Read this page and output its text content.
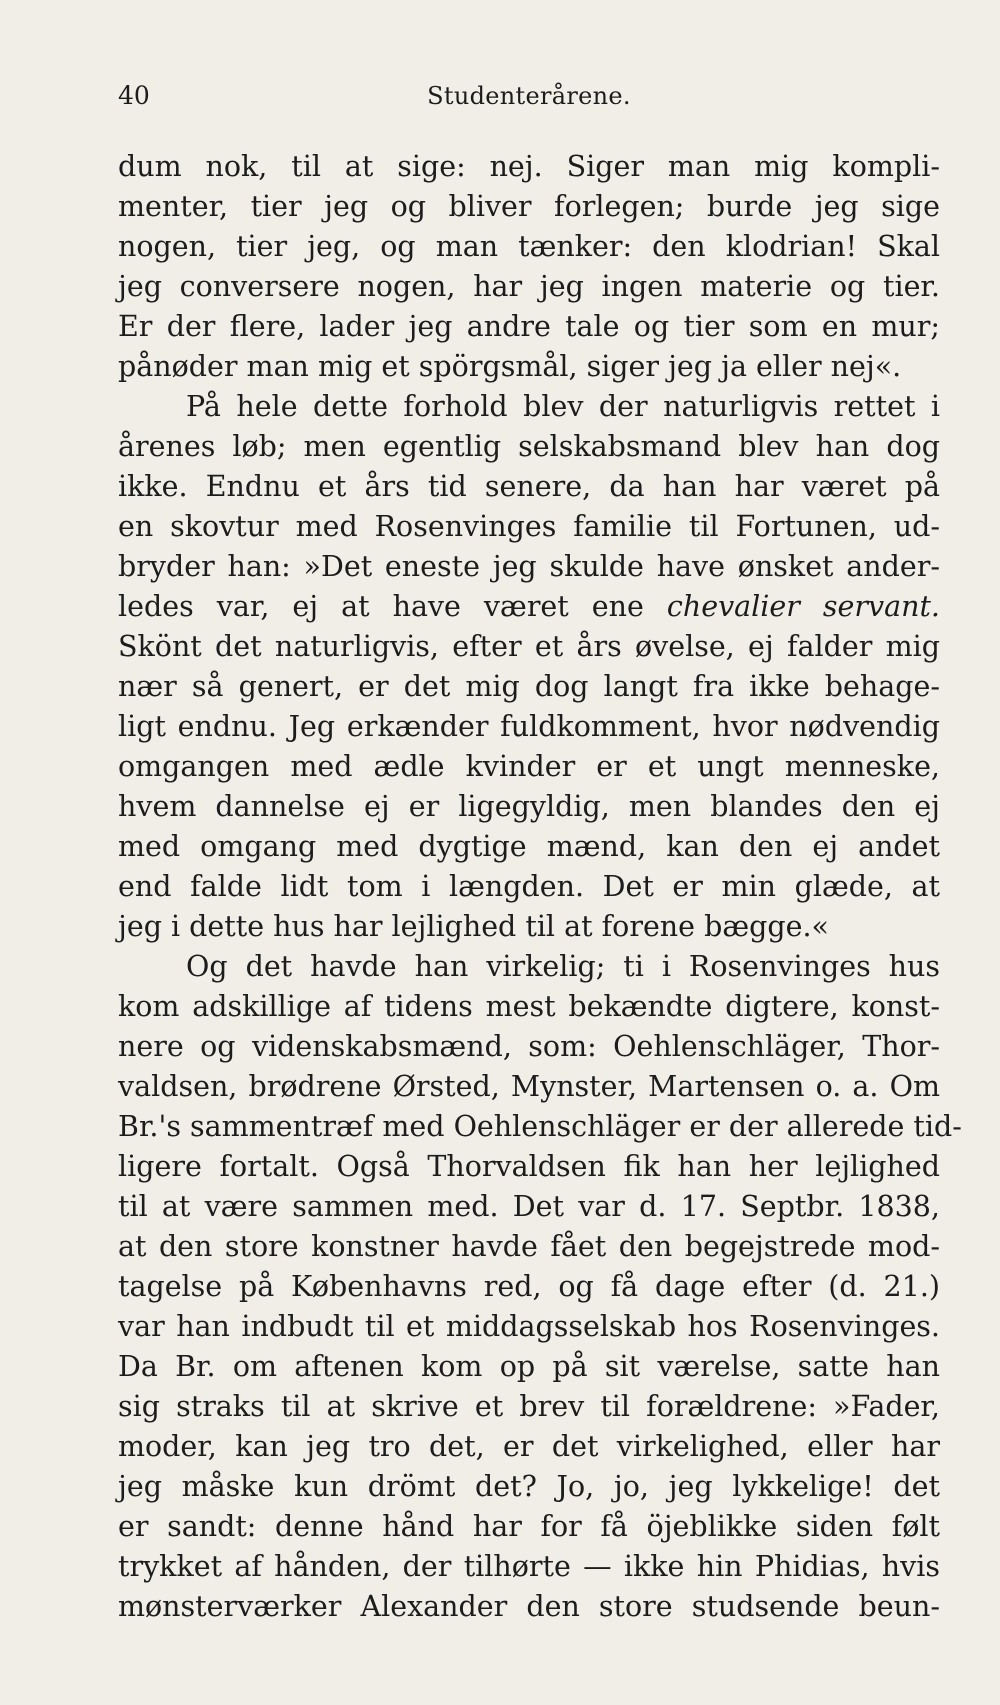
40	Studenterårene.
dum nok, til at sige: nej. Siger man mig kompli-
menter, tier jeg og bliver forlegen; burde jeg sige
nogen, tier jeg, og man tænker: den klodrian! Skal
jeg conversere nogen, har jeg ingen materie og tier.
Er der flere, lader jeg andre tale og tier som en mur;
pånøder man mig et spörgsmål, siger jeg ja eller nej«.
På hele dette forhold blev der naturligvis rettet i
årenes løb; men egentlig selskabsmand blev han dog
ikke. Endnu et års tid senere, da han har været på
en skovtur med Rosenvinges familie til Fortunen, ud-
bryder han: »Det eneste jeg skulde have ønsket ander-
ledes var, ej at have været ene chevalier servant.
Skönt det naturligvis, efter et års øvelse, ej falder mig
nær så genert, er det mig dog langt fra ikke behage-
ligt endnu. Jeg erkænder fuldkomment, hvor nødvendig
omgangen med ædle kvinder er et ungt menneske,
hvem dannelse ej er ligegyldig, men blandes den ej
med omgang med dygtige mænd, kan den ej andet
end falde lidt tom i længden. Det er min glæde, at
jeg i dette hus har lejlighed til at forene bægge.«
Og det havde han virkelig; ti i Rosenvinges hus
kom adskillige af tidens mest bekændte digtere, konst-
nere og videnskabsmænd, som: Oehlenschläger, Thor-
valdsen, brødrene Ørsted, Mynster, Martensen o. a. Om
Br.'s sammentræf med Oehlenschläger er der allerede tid-
ligere fortalt. Også Thorvaldsen fik han her lejlighed
til at være sammen med. Det var d. 17. Septbr. 1838,
at den store konstner havde fået den begejstrede mod-
tagelse på Københavns red, og få dage efter (d. 21.)
var han indbudt til et middagsselskab hos Rosenvinges.
Da Br. om aftenen kom op på sit værelse, satte han
sig straks til at skrive et brev til forældrene: »Fader,
moder, kan jeg tro det, er det virkelighed, eller har
jeg måske kun drömt det? Jo, jo, jeg lykkelige! det
er sandt: denne hånd har for få öjeblikke siden følt
trykket af hånden, der tilhørte — ikke hin Phidias, hvis
mønsterværker Alexander den store studsende beun-
